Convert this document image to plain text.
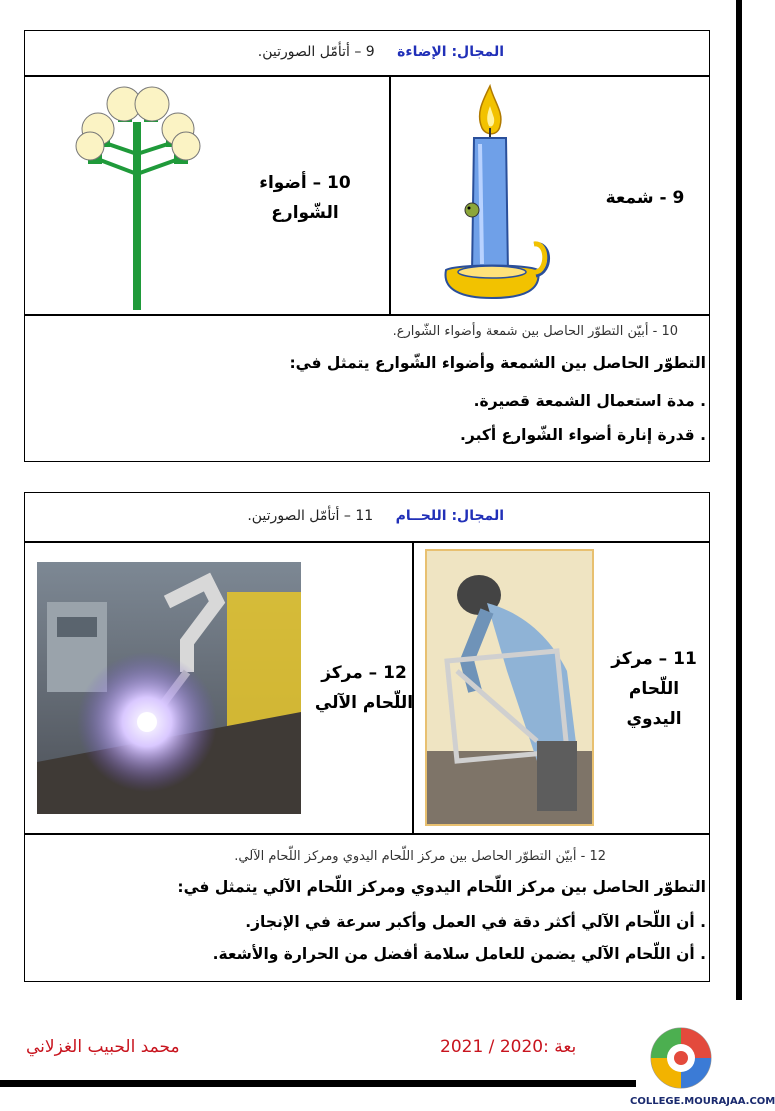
المجال: الإضاءة 9 – أتأمّل الصورتين.
10 – أضواء
الشّوارع
9 - شمعة
10 - أبيّن التطوّر الحاصل بين شمعة وأضواء الشّوارع.
التطوّر الحاصل بين الشمعة وأضواء الشّوارع يتمثل في:
. مدة استعمال الشمعة قصيرة.
. قدرة إنارة أضواء الشّوارع أكبر.
المجال: اللحــام 11 – أتأمّل الصورتين.
12 – مركز
اللّحام الآلي
11 – مركز
اللّحام
اليدوي
12 - أبيّن التطوّر الحاصل بين مركز اللّحام اليدوي ومركز اللّحام الآلي.
التطوّر الحاصل بين مركز اللّحام اليدوي ومركز اللّحام الآلي يتمثل في:
. أن اللّحام الآلي أكثر دقة في العمل وأكبر سرعة في الإنجاز.
. أن اللّحام الآلي يضمن للعامل سلامة أفضل من الحرارة والأشعة.
محمد الحبيب الغزلاني	بعة :2020 / 2021
COLLEGE.MOURAJAA.COM
